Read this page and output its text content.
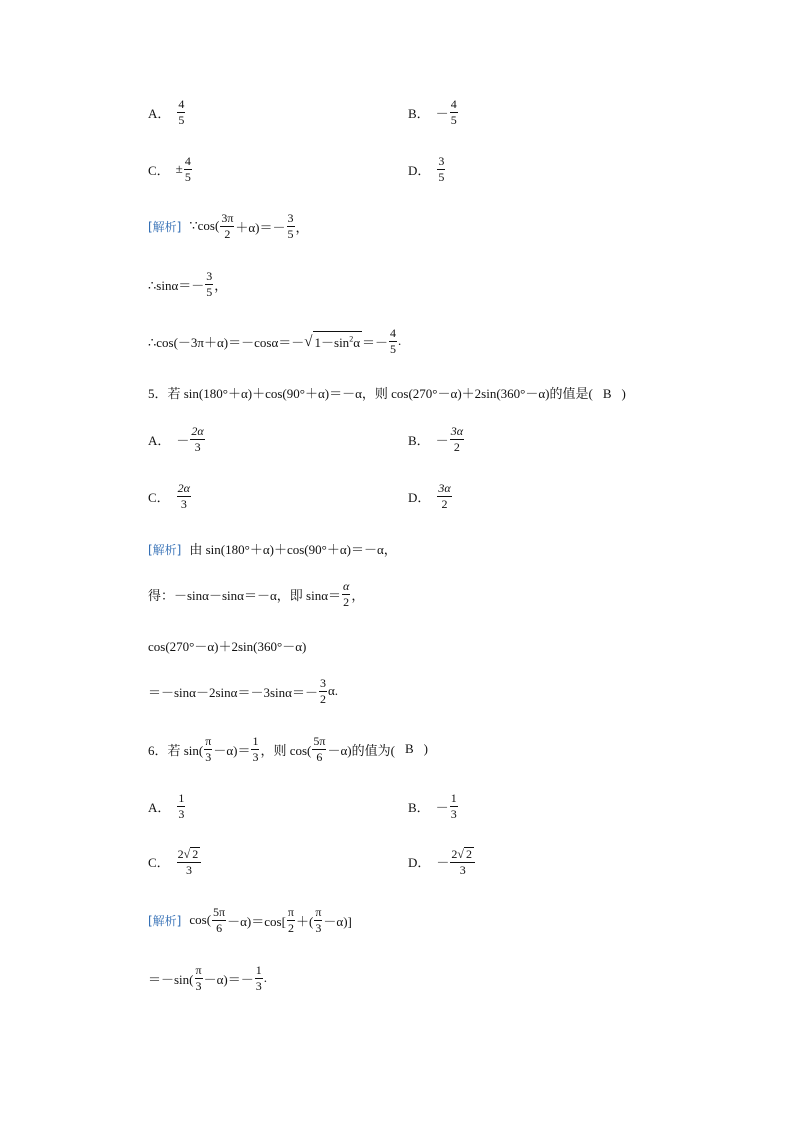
A． $\frac{4}{5}$	B． － $\frac{4}{5}$
C． ± $\frac{4}{5}$	D． $\frac{3}{5}$
[解析] ∵cos( $\frac{3\pi}{2} +\alpha)=- \frac{3}{5}$ ，
∴sinα＝－ $\frac{3}{5}$ ，
∴cos(－3π＋α)＝－cosα＝－ √ $1-\sin^2\alpha =- \frac{4}{5}$ .
5．若 sin(180°＋α)＋cos(90°＋α)＝－α，则 cos(270°－α)＋2sin(360°－α)的值是( B )
A． － $\frac{2\alpha}{3}$	B． － $\frac{3\alpha}{2}$
C． $\frac{2\alpha}{3}$	D． $\frac{3\alpha}{2}$
[解析] 由 sin(180°＋α)＋cos(90°＋α)＝－α，
得：－sinα－sinα＝－α，即 $\sin\alpha= \frac{\alpha}{2}$ ，
cos(270°－α)＋2sin(360°－α)
$=-\sin\alpha-2\sin\alpha=-3\sin\alpha=- \frac{3}{2} \alpha$.
6．若 $\sin( \frac{\pi}{3} -\alpha)= \frac{1}{3}$ ，则 $\cos( \frac{5\pi}{6} -\alpha)$的值为( B )
A． $\frac{1}{3}$	B． － $\frac{1}{3}$
C． $\frac{2 √ 2}{3}$	D． － $\frac{2 √ 2}{3}$
[解析] $\cos( \frac{5\pi}{6} -\alpha)=\cos[ \frac{\pi}{2}$ ＋( $\frac{\pi}{3} -\alpha$)]
$=-\sin( \frac{\pi}{3} -\alpha)=- \frac{1}{3}$ .
